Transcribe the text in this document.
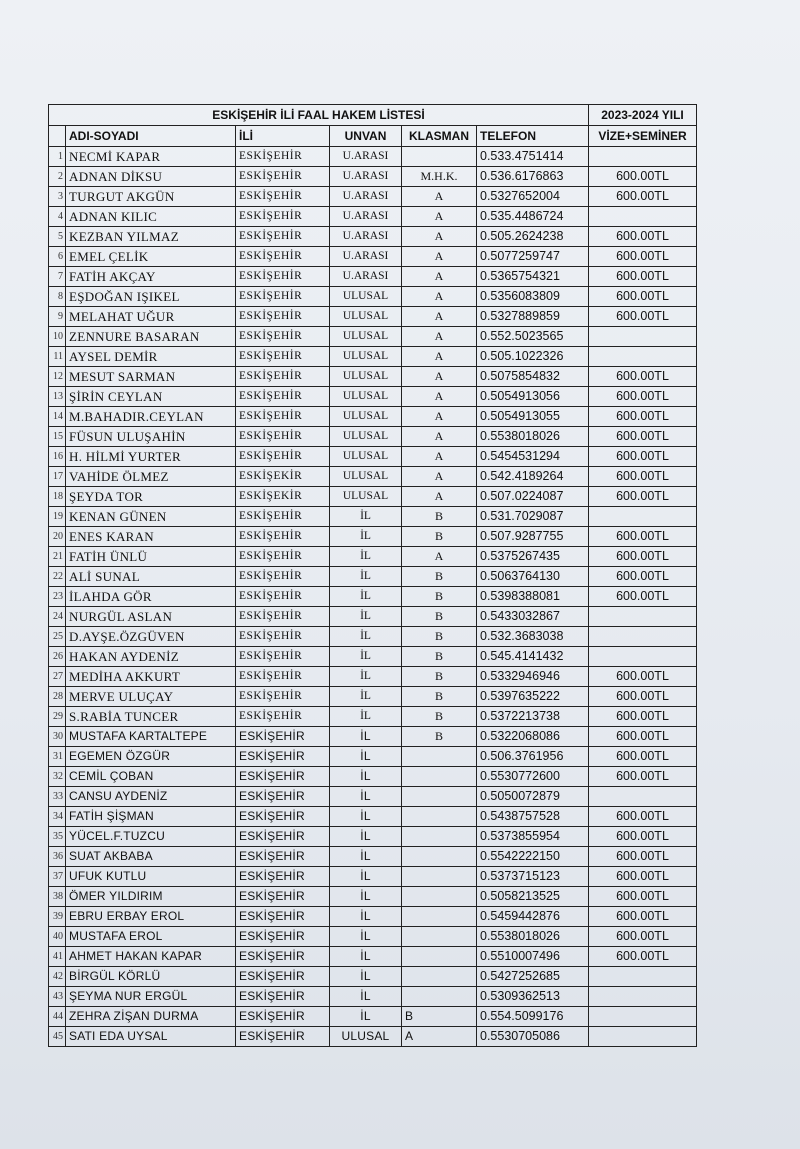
ESKİŞEHİR İLİ FAAL HAKEM LİSTESİ						2023-2024 YILI
	ADI-SOYADI	İLİ	UNVAN	KLASMAN	TELEFON	VİZE+SEMİNER
1	NECMİ KAPAR	ESKİŞEHİR	U.ARASI		0.533.4751414	
2	ADNAN DİKSU	ESKİŞEHİR	U.ARASI	M.H.K.	0.536.6176863	600.00TL
3	TURGUT AKGÜN	ESKİŞEHİR	U.ARASI	A	0.5327652004	600.00TL
4	ADNAN KILIC	ESKİŞEHİR	U.ARASI	A	0.535.4486724	
5	KEZBAN YILMAZ	ESKİŞEHİR	U.ARASI	A	0.505.2624238	600.00TL
6	EMEL ÇELİK	ESKİŞEHİR	U.ARASI	A	0.5077259747	600.00TL
7	FATİH AKÇAY	ESKİŞEHİR	U.ARASI	A	0.5365754321	600.00TL
8	EŞDOĞAN IŞIKEL	ESKİŞEHİR	ULUSAL	A	0.5356083809	600.00TL
9	MELAHAT UĞUR	ESKİŞEHİR	ULUSAL	A	0.5327889859	600.00TL
10	ZENNURE BASARAN	ESKİŞEHİR	ULUSAL	A	0.552.5023565	
11	AYSEL DEMİR	ESKİŞEHİR	ULUSAL	A	0.505.1022326	
12	MESUT SARMAN	ESKİŞEHİR	ULUSAL	A	0.5075854832	600.00TL
13	ŞİRİN CEYLAN	ESKİŞEHİR	ULUSAL	A	0.5054913056	600.00TL
14	M.BAHADIR.CEYLAN	ESKİŞEHİR	ULUSAL	A	0.5054913055	600.00TL
15	FÜSUN ULUŞAHİN	ESKİŞEHİR	ULUSAL	A	0.5538018026	600.00TL
16	H. HİLMİ YURTER	ESKİŞEHİR	ULUSAL	A	0.5454531294	600.00TL
17	VAHİDE ÖLMEZ	ESKİŞEKİR	ULUSAL	A	0.542.4189264	600.00TL
18	ŞEYDA TOR	ESKİŞEKİR	ULUSAL	A	0.507.0224087	600.00TL
19	KENAN GÜNEN	ESKİŞEHİR	İL	B	0.531.7029087	
20	ENES KARAN	ESKİŞEHİR	İL	B	0.507.9287755	600.00TL
21	FATİH ÜNLÜ	ESKİŞEHİR	İL	A	0.5375267435	600.00TL
22	ALİ SUNAL	ESKİŞEHİR	İL	B	0.5063764130	600.00TL
23	İLAHDA GÖR	ESKİŞEHİR	İL	B	0.5398388081	600.00TL
24	NURGÜL ASLAN	ESKİŞEHİR	İL	B	0.5433032867	
25	D.AYŞE.ÖZGÜVEN	ESKİŞEHİR	İL	B	0.532.3683038	
26	HAKAN AYDENİZ	ESKİŞEHİR	İL	B	0.545.4141432	
27	MEDİHA AKKURT	ESKİŞEHİR	İL	B	0.5332946946	600.00TL
28	MERVE ULUÇAY	ESKİŞEHİR	İL	B	0.5397635222	600.00TL
29	S.RABİA TUNCER	ESKİŞEHİR	İL	B	0.5372213738	600.00TL
30	MUSTAFA KARTALTEPE	ESKİŞEHİR	İL	B	0.5322068086	600.00TL
31	EGEMEN ÖZGÜR	ESKİŞEHİR	İL		0.506.3761956	600.00TL
32	CEMİL ÇOBAN	ESKİŞEHİR	İL		0.5530772600	600.00TL
33	CANSU AYDENİZ	ESKİŞEHİR	İL		0.5050072879	
34	FATİH ŞİŞMAN	ESKİŞEHİR	İL		0.5438757528	600.00TL
35	YÜCEL.F.TUZCU	ESKİŞEHİR	İL		0.5373855954	600.00TL
36	SUAT AKBABA	ESKİŞEHİR	İL		0.5542222150	600.00TL
37	UFUK KUTLU	ESKİŞEHİR	İL		0.5373715123	600.00TL
38	ÖMER YILDIRIM	ESKİŞEHİR	İL		0.5058213525	600.00TL
39	EBRU ERBAY EROL	ESKİŞEHİR	İL		0.5459442876	600.00TL
40	MUSTAFA EROL	ESKİŞEHİR	İL		0.5538018026	600.00TL
41	AHMET HAKAN KAPAR	ESKİŞEHİR	İL		0.5510007496	600.00TL
42	BİRGÜL KÖRLÜ	ESKİŞEHİR	İL		0.5427252685	
43	ŞEYMA NUR ERGÜL	ESKİŞEHİR	İL		0.5309362513	
44	ZEHRA ZİŞAN DURMA	ESKİŞEHİR	İL	B	0.554.5099176	
45	SATI EDA UYSAL	ESKİŞEHİR	ULUSAL	A	0.5530705086	
